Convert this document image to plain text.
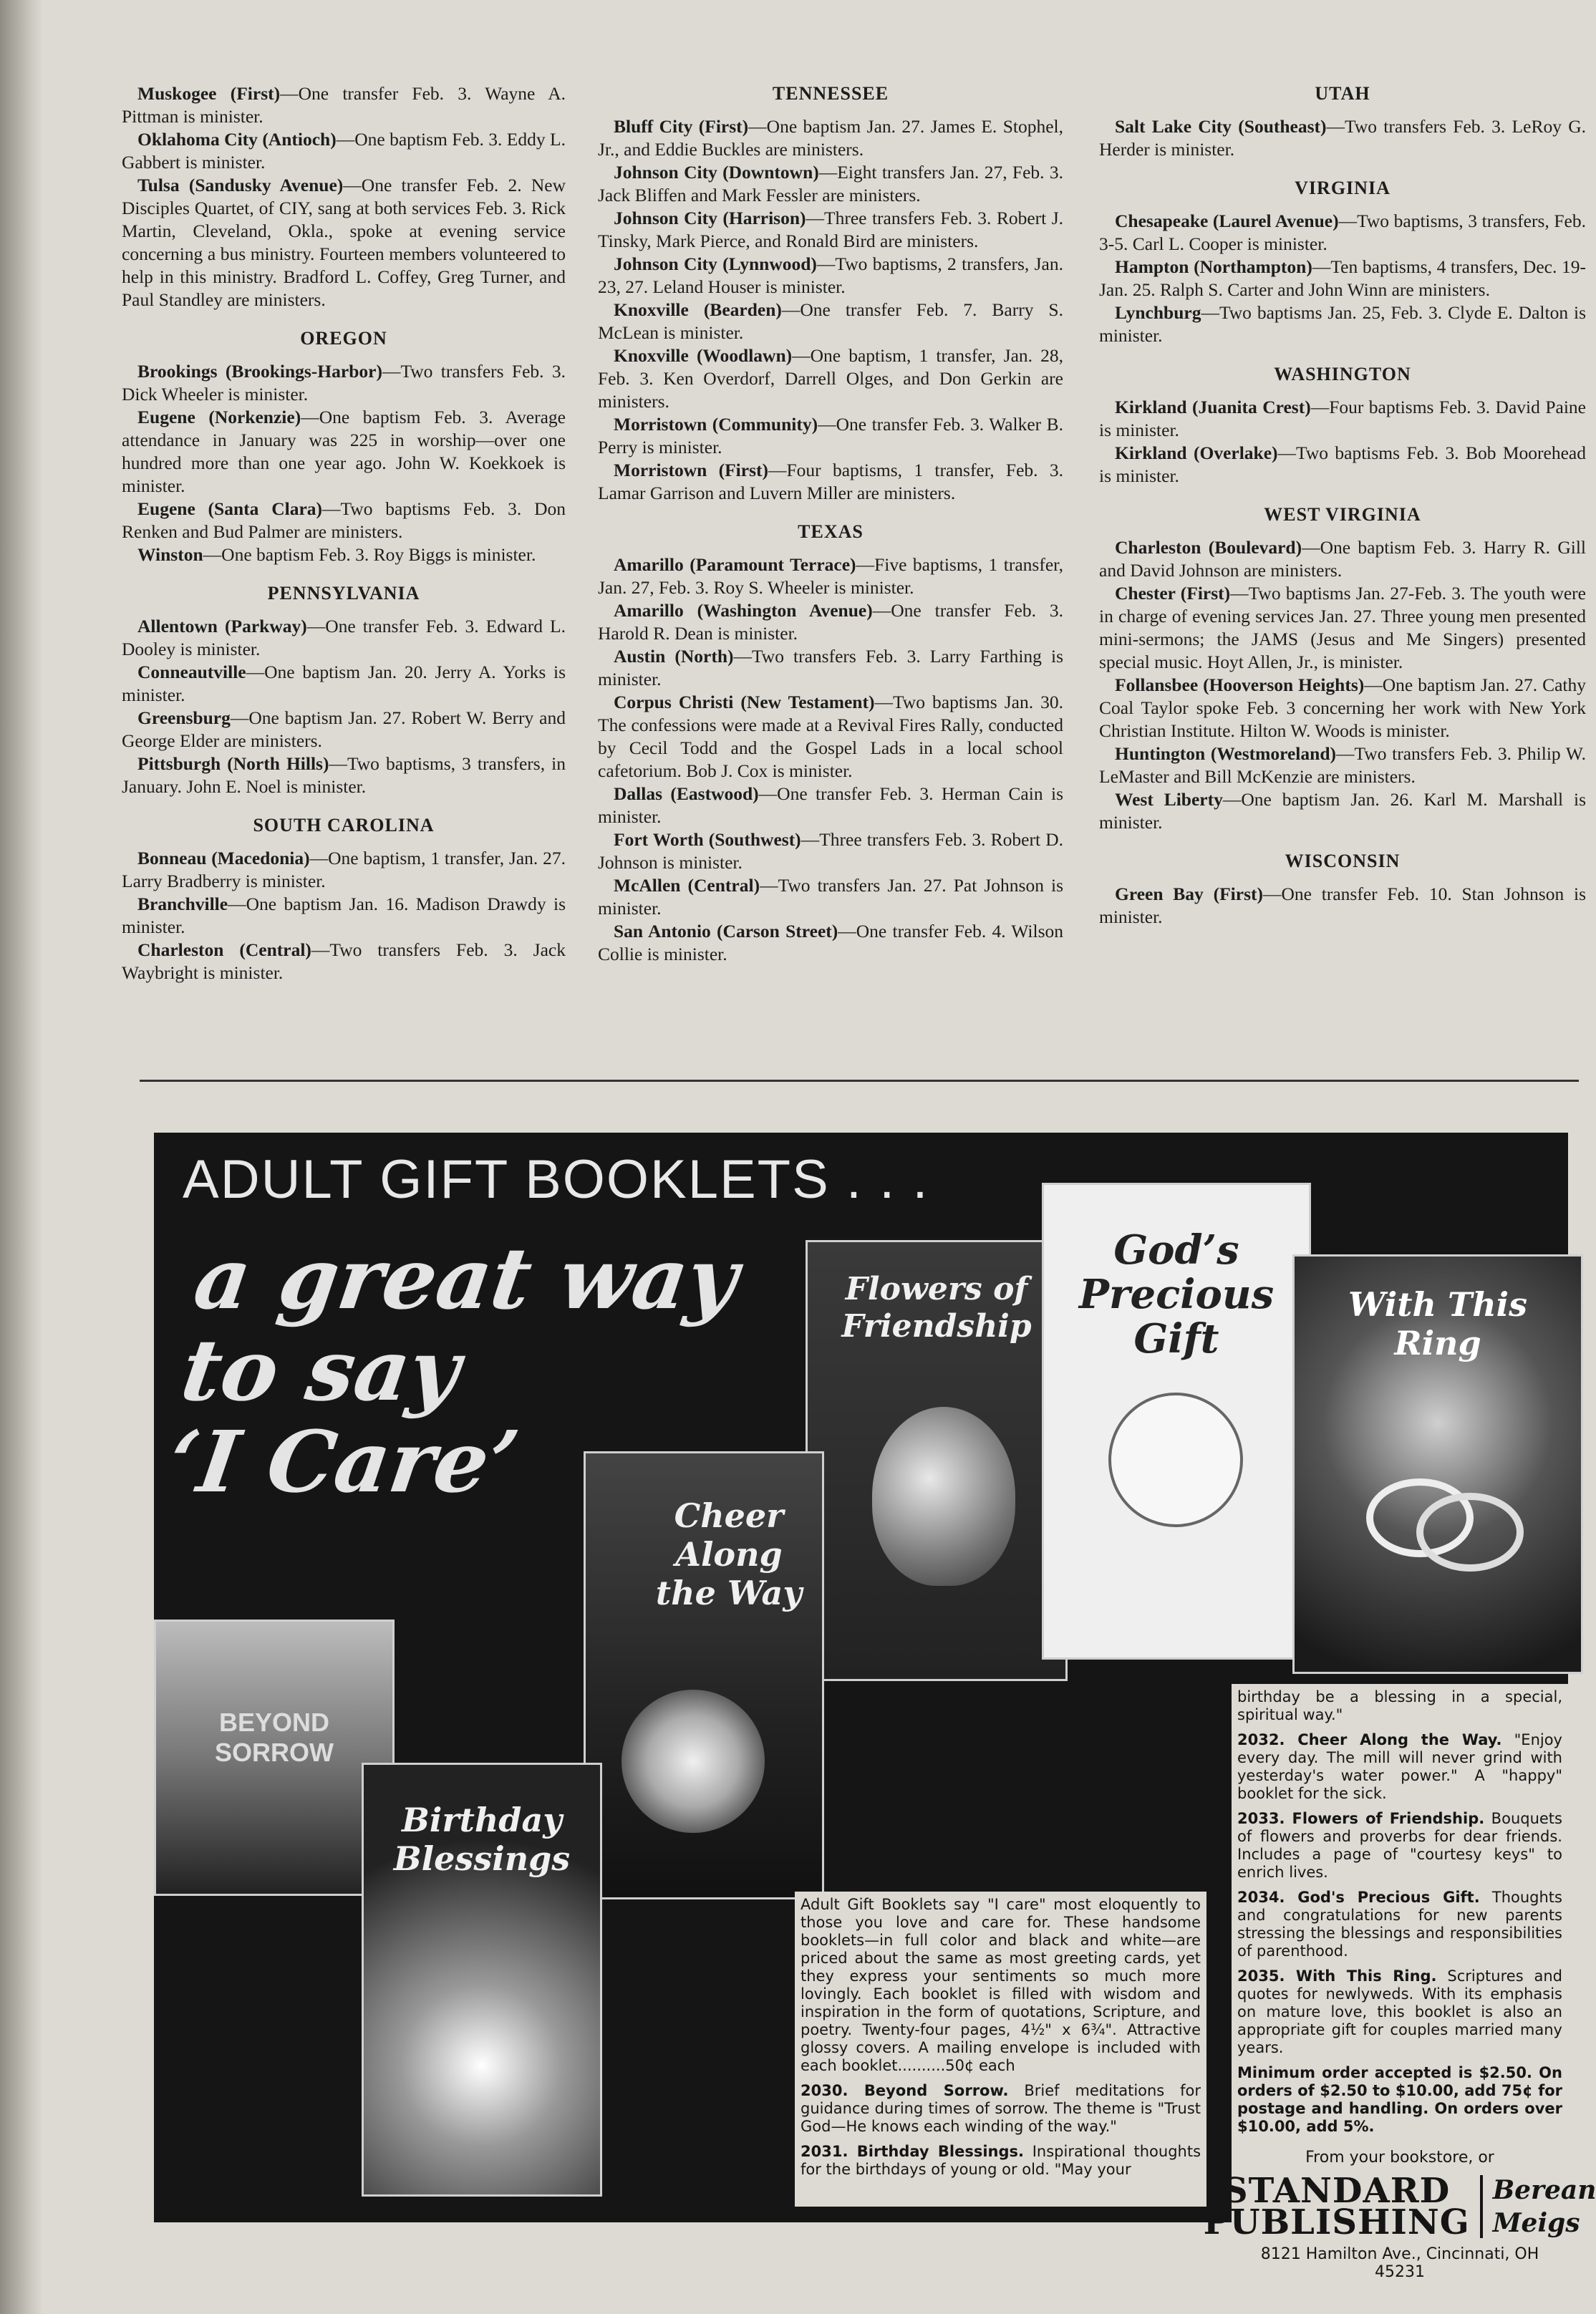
Muskogee (First)—One transfer Feb. 3. Wayne A. Pittman is minister.

Oklahoma City (Antioch)—One baptism Feb. 3. Eddy L. Gabbert is minister.

Tulsa (Sandusky Avenue)—One transfer Feb. 2. New Disciples Quartet, of CIY, sang at both services Feb. 3. Rick Martin, Cleveland, Okla., spoke at evening service concerning a bus ministry. Fourteen members volunteered to help in this ministry. Bradford L. Coffey, Greg Turner, and Paul Standley are ministers.

OREGON

Brookings (Brookings-Harbor)—Two transfers Feb. 3. Dick Wheeler is minister.

Eugene (Norkenzie)—One baptism Feb. 3. Average attendance in January was 225 in worship—over one hundred more than one year ago. John W. Koekkoek is minister.

Eugene (Santa Clara)—Two baptisms Feb. 3. Don Renken and Bud Palmer are ministers.

Winston—One baptism Feb. 3. Roy Biggs is minister.

PENNSYLVANIA

Allentown (Parkway)—One transfer Feb. 3. Edward L. Dooley is minister.

Conneautville—One baptism Jan. 20. Jerry A. Yorks is minister.

Greensburg—One baptism Jan. 27. Robert W. Berry and George Elder are ministers.

Pittsburgh (North Hills)—Two baptisms, 3 transfers, in January. John E. Noel is minister.

SOUTH CAROLINA

Bonneau (Macedonia)—One baptism, 1 transfer, Jan. 27. Larry Bradberry is minister.

Branchville—One baptism Jan. 16. Madison Drawdy is minister.

Charleston (Central)—Two transfers Feb. 3. Jack Waybright is minister.

TENNESSEE

Bluff City (First)—One baptism Jan. 27. James E. Stophel, Jr., and Eddie Buckles are ministers.

Johnson City (Downtown)—Eight transfers Jan. 27, Feb. 3. Jack Bliffen and Mark Fessler are ministers.

Johnson City (Harrison)—Three transfers Feb. 3. Robert J. Tinsky, Mark Pierce, and Ronald Bird are ministers.

Johnson City (Lynnwood)—Two baptisms, 2 transfers, Jan. 23, 27. Leland Houser is minister.

Knoxville (Bearden)—One transfer Feb. 7. Barry S. McLean is minister.

Knoxville (Woodlawn)—One baptism, 1 transfer, Jan. 28, Feb. 3. Ken Overdorf, Darrell Olges, and Don Gerkin are ministers.

Morristown (Community)—One transfer Feb. 3. Walker B. Perry is minister.

Morristown (First)—Four baptisms, 1 transfer, Feb. 3. Lamar Garrison and Luvern Miller are ministers.

TEXAS

Amarillo (Paramount Terrace)—Five baptisms, 1 transfer, Jan. 27, Feb. 3. Roy S. Wheeler is minister.

Amarillo (Washington Avenue)—One transfer Feb. 3. Harold R. Dean is minister.

Austin (North)—Two transfers Feb. 3. Larry Farthing is minister.

Corpus Christi (New Testament)—Two baptisms Jan. 30. The confessions were made at a Revival Fires Rally, conducted by Cecil Todd and the Gospel Lads in a local school cafetorium. Bob J. Cox is minister.

Dallas (Eastwood)—One transfer Feb. 3. Herman Cain is minister.

Fort Worth (Southwest)—Three transfers Feb. 3. Robert D. Johnson is minister.

McAllen (Central)—Two transfers Jan. 27. Pat Johnson is minister.

San Antonio (Carson Street)—One transfer Feb. 4. Wilson Collie is minister.

UTAH

Salt Lake City (Southeast)—Two transfers Feb. 3. LeRoy G. Herder is minister.

VIRGINIA

Chesapeake (Laurel Avenue)—Two baptisms, 3 transfers, Feb. 3-5. Carl L. Cooper is minister.

Hampton (Northampton)—Ten baptisms, 4 transfers, Dec. 19-Jan. 25. Ralph S. Carter and John Winn are ministers.

Lynchburg—Two baptisms Jan. 25, Feb. 3. Clyde E. Dalton is minister.

WASHINGTON

Kirkland (Juanita Crest)—Four baptisms Feb. 3. David Paine is minister.

Kirkland (Overlake)—Two baptisms Feb. 3. Bob Moorehead is minister.

WEST VIRGINIA

Charleston (Boulevard)—One baptism Feb. 3. Harry R. Gill and David Johnson are ministers.

Chester (First)—Two baptisms Jan. 27-Feb. 3. The youth were in charge of evening services Jan. 27. Three young men presented mini-sermons; the JAMS (Jesus and Me Singers) presented special music. Hoyt Allen, Jr., is minister.

Follansbee (Hooverson Heights)—One baptism Jan. 27. Cathy Coal Taylor spoke Feb. 3 concerning her work with New York Christian Institute. Hilton W. Woods is minister.

Huntington (Westmoreland)—Two transfers Feb. 3. Philip W. LeMaster and Bill McKenzie are ministers.

West Liberty—One baptism Jan. 26. Karl M. Marshall is minister.

WISCONSIN

Green Bay (First)—One transfer Feb. 10. Stan Johnson is minister.

ADULT GIFT BOOKLETS . . .
a great way
to say
‘I Care’
Flowers of Friendship
God’s Precious Gift
With This Ring
BEYOND SORROW
Cheer Along the Way
Birthday Blessings

Adult Gift Booklets say "I care" most eloquently to those you love and care for. These handsome booklets—in full color and black and white—are priced about the same as most greeting cards, yet they express your sentiments so much more lovingly. Each booklet is filled with wisdom and inspiration in the form of quotations, Scripture, and poetry. Twenty-four pages, 4½" x 6¾". Attractive glossy covers. A mailing envelope is included with each booklet..........50¢ each

2030. Beyond Sorrow. Brief meditations for guidance during times of sorrow. The theme is "Trust God—He knows each winding of the way."

2031. Birthday Blessings. Inspirational thoughts for the birthdays of young or old. "May your

birthday be a blessing in a special, spiritual way."

2032. Cheer Along the Way. "Enjoy every day. The mill will never grind with yesterday's water power." A "happy" booklet for the sick.

2033. Flowers of Friendship. Bouquets of flowers and proverbs for dear friends. Includes a page of "courtesy keys" to enrich lives.

2034. God's Precious Gift. Thoughts and congratulations for new parents stressing the blessings and responsibilities of parenthood.

2035. With This Ring. Scriptures and quotes for newlyweds. With its emphasis on mature love, this booklet is also an appropriate gift for couples married many years.

Minimum order accepted is $2.50. On orders of $2.50 to $10.00, add 75¢ for postage and handling. On orders over $10.00, add 5%.

From your bookstore, or
STANDARD
PUBLISHING
Berean
Meigs
8121 Hamilton Ave., Cincinnati, OH 45231
